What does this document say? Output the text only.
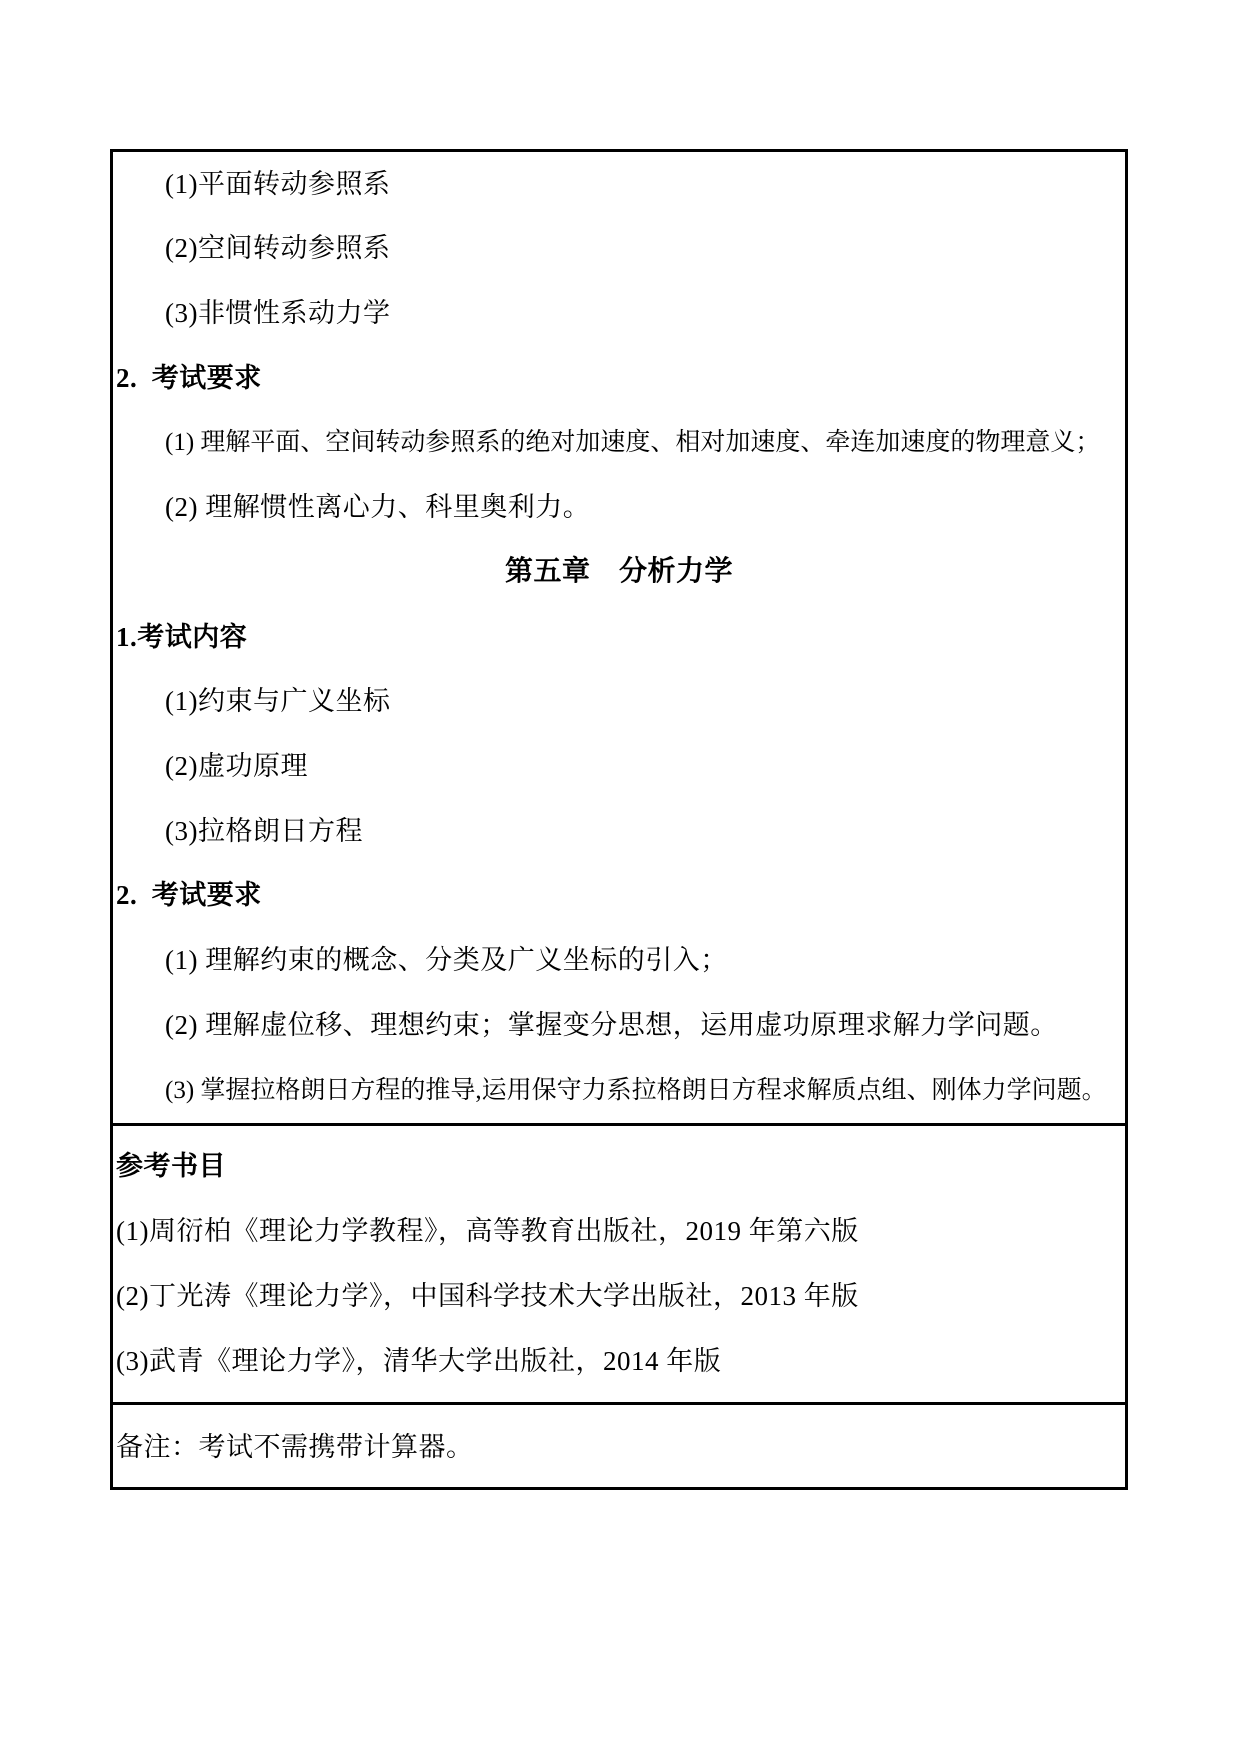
(1)平面转动参照系
(2)空间转动参照系
(3)非惯性系动力学
2.  考试要求
(1) 理解平面、空间转动参照系的绝对加速度、相对加速度、牵连加速度的物理意义；
(2) 理解惯性离心力、科里奥利力。
第五章　分析力学
1.考试内容
(1)约束与广义坐标
(2)虚功原理
(3)拉格朗日方程
2.  考试要求
(1) 理解约束的概念、分类及广义坐标的引入；
(2) 理解虚位移、理想约束；掌握变分思想，运用虚功原理求解力学问题。
(3) 掌握拉格朗日方程的推导,运用保守力系拉格朗日方程求解质点组、刚体力学问题。
参考书目
(1)周衍柏《理论力学教程》，高等教育出版社，2019 年第六版
(2)丁光涛《理论力学》，中国科学技术大学出版社，2013 年版
(3)武青《理论力学》，清华大学出版社，2014 年版
备注：考试不需携带计算器。
